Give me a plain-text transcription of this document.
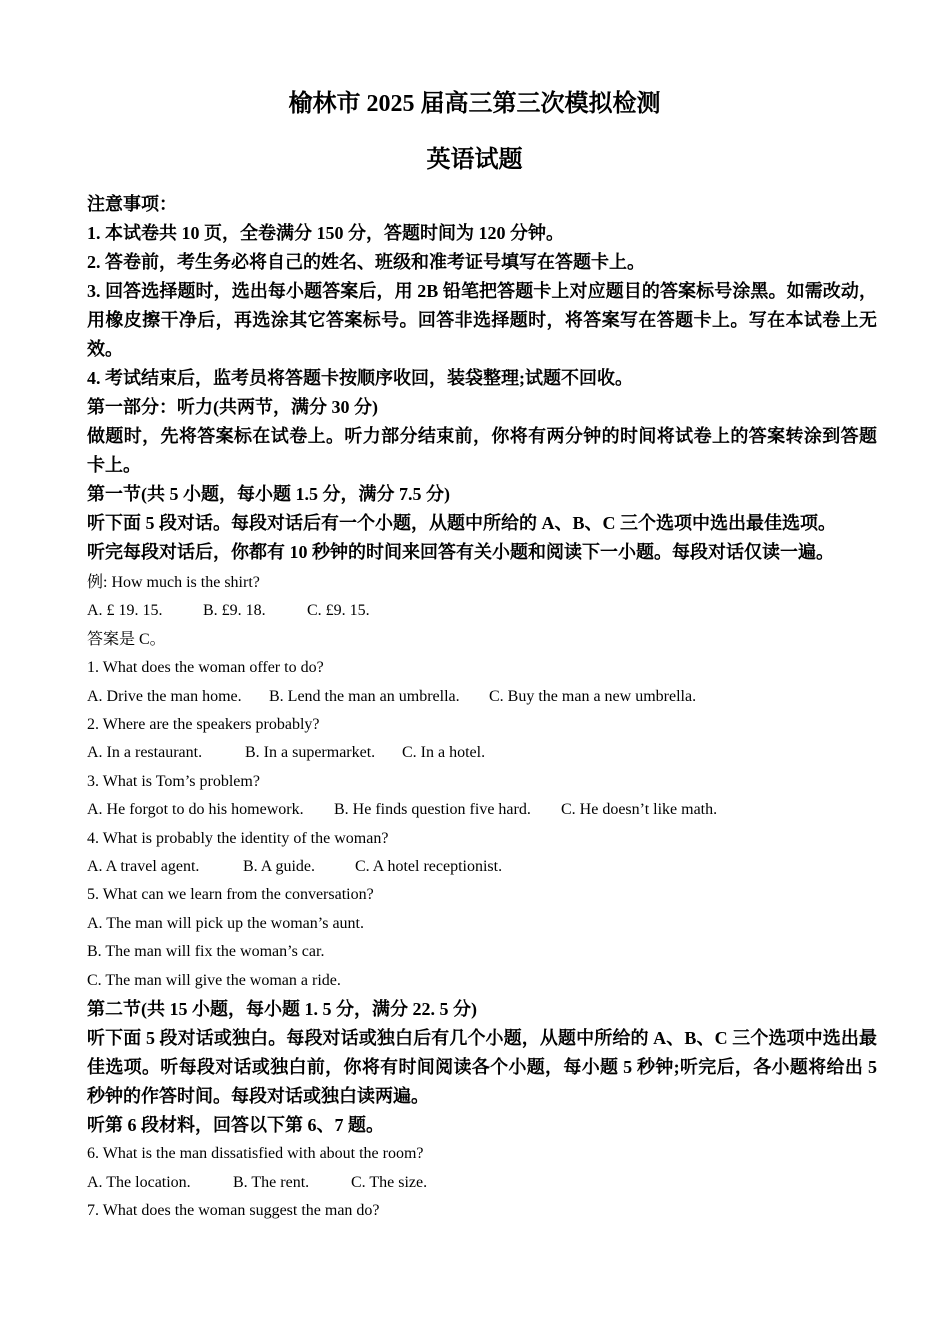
榆林市 2025 届高三第三次模拟检测
英语试题
注意事项：
1. 本试卷共 10 页，全卷满分 150 分，答题时间为 120 分钟。
2. 答卷前，考生务必将自己的姓名、班级和准考证号填写在答题卡上。
3. 回答选择题时，选出每小题答案后，用 2B 铅笔把答题卡上对应题目的答案标号涂黑。如需改动，用橡皮擦干净后，再选涂其它答案标号。回答非选择题时，将答案写在答题卡上。写在本试卷上无效。
4. 考试结束后，监考员将答题卡按顺序收回，装袋整理;试题不回收。
第一部分：听力(共两节，满分 30 分)
做题时，先将答案标在试卷上。听力部分结束前，你将有两分钟的时间将试卷上的答案转涂到答题卡上。
第一节(共 5 小题，每小题 1.5 分，满分 7.5 分)
听下面 5 段对话。每段对话后有一个小题，从题中所给的 A、B、C 三个选项中选出最佳选项。
听完每段对话后，你都有 10 秒钟的时间来回答有关小题和阅读下一小题。每段对话仅读一遍。
例: How much is the shirt?
A. £ 19. 15.	B. £9. 18.	C. £9. 15.
答案是 C。
1. What does the woman offer to do?
A. Drive the man home. B. Lend the man an umbrella. C. Buy the man a new umbrella.
2. Where are the speakers probably?
A. In a restaurant.	B. In a supermarket. C. In a hotel.
3. What is Tom’s problem?
A. He forgot to do his homework. B. He finds question five hard. C. He doesn’t like math.
4. What is probably the identity of the woman?
A. A travel agent.	B. A guide. C. A hotel receptionist.
5. What can we learn from the conversation?
A. The man will pick up the woman’s aunt.
B. The man will fix the woman’s car.
C. The man will give the woman a ride.
第二节(共 15 小题，每小题 1. 5 分，满分 22. 5 分)
听下面 5 段对话或独白。每段对话或独白后有几个小题，从题中所给的 A、B、C 三个选项中选出最佳选项。听每段对话或独白前，你将有时间阅读各个小题，每小题 5 秒钟;听完后，各小题将给出 5 秒钟的作答时间。每段对话或独白读两遍。
听第 6 段材料，回答以下第 6、7 题。
6. What is the man dissatisfied with about the room?
A. The location.	B. The rent.	C. The size.
7. What does the woman suggest the man do?
